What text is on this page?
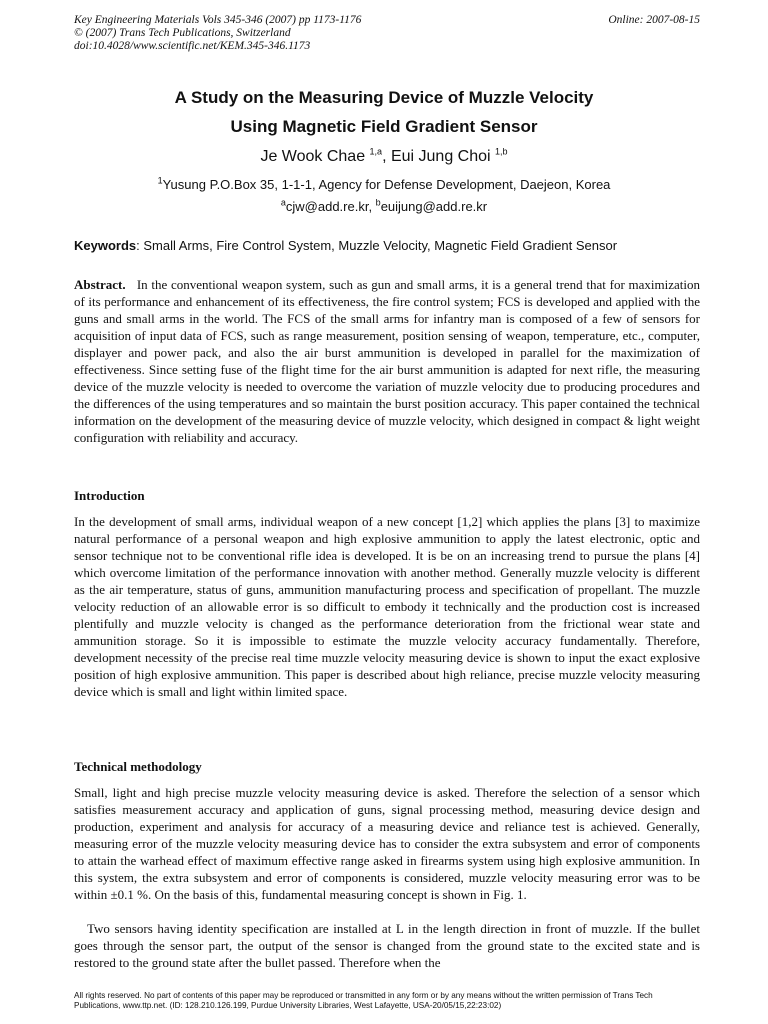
Key Engineering Materials Vols 345-346 (2007) pp 1173-1176
© (2007) Trans Tech Publications, Switzerland
doi:10.4028/www.scientific.net/KEM.345-346.1173
Online: 2007-08-15
A Study on the Measuring Device of Muzzle Velocity
Using Magnetic Field Gradient Sensor
Je Wook Chae $^{1,a}$, Eui Jung Choi $^{1,b}$
$^1$Yusung P.O.Box 35, 1-1-1, Agency for Defense Development, Daejeon, Korea
$^a$cjw@add.re.kr, $^b$euijung@add.re.kr
Keywords: Small Arms, Fire Control System, Muzzle Velocity, Magnetic Field Gradient Sensor

Abstract. In the conventional weapon system, such as gun and small arms, it is a general trend that for maximization of its performance and enhancement of its effectiveness, the fire control system; FCS is developed and applied with the guns and small arms in the world. The FCS of the small arms for infantry man is composed of a few of sensors for acquisition of input data of FCS, such as range measurement, position sensing of weapon, temperature, etc., computer, displayer and power pack, and also the air burst ammunition is developed in parallel for the maximization of effectiveness. Since setting fuse of the flight time for the air burst ammunition is adapted for next rifle, the measuring device of the muzzle velocity is needed to overcome the variation of muzzle velocity due to producing procedures and the differences of the using temperatures and so maintain the burst position accuracy. This paper contained the technical information on the development of the measuring device of muzzle velocity, which designed in compact & light weight configuration with reliability and accuracy.

Introduction

In the development of small arms, individual weapon of a new concept [1,2] which applies the plans [3] to maximize natural performance of a personal weapon and high explosive ammunition to apply the latest electronic, optic and sensor technique not to be conventional rifle idea is developed. It is be on an increasing trend to pursue the plans [4] which overcome limitation of the performance innovation with another method. Generally muzzle velocity is different as the air temperature, status of guns, ammunition manufacturing process and specification of propellant. The muzzle velocity reduction of an allowable error is so difficult to embody it technically and the production cost is increased plentifully and muzzle velocity is changed as the performance deterioration from the frictional wear state and ammunition storage. So it is impossible to estimate the muzzle velocity accuracy fundamentally. Therefore, development necessity of the precise real time muzzle velocity measuring device is shown to input the exact explosive position of high explosive ammunition. This paper is described about high reliance, precise muzzle velocity measuring device which is small and light within limited space.

Technical methodology

Small, light and high precise muzzle velocity measuring device is asked. Therefore the selection of a sensor which satisfies measurement accuracy and application of guns, signal processing method, measuring device design and production, experiment and analysis for accuracy of a measuring device and reliance test is achieved. Generally, measuring error of the muzzle velocity measuring device has to consider the extra subsystem and error of components to attain the warhead effect of maximum effective range asked in firearms system using high explosive ammunition. In this system, the extra subsystem and error of components is considered, muzzle velocity measuring error was to be within ±0.1 %. On the basis of this, fundamental measuring concept is shown in Fig. 1.

Two sensors having identity specification are installed at L in the length direction in front of muzzle. If the bullet goes through the sensor part, the output of the sensor is changed from the ground state to the excited state and is restored to the ground state after the bullet passed. Therefore when the

All rights reserved. No part of contents of this paper may be reproduced or transmitted in any form or by any means without the written permission of Trans Tech Publications, www.ttp.net. (ID: 128.210.126.199, Purdue University Libraries, West Lafayette, USA-20/05/15,22:23:02)
